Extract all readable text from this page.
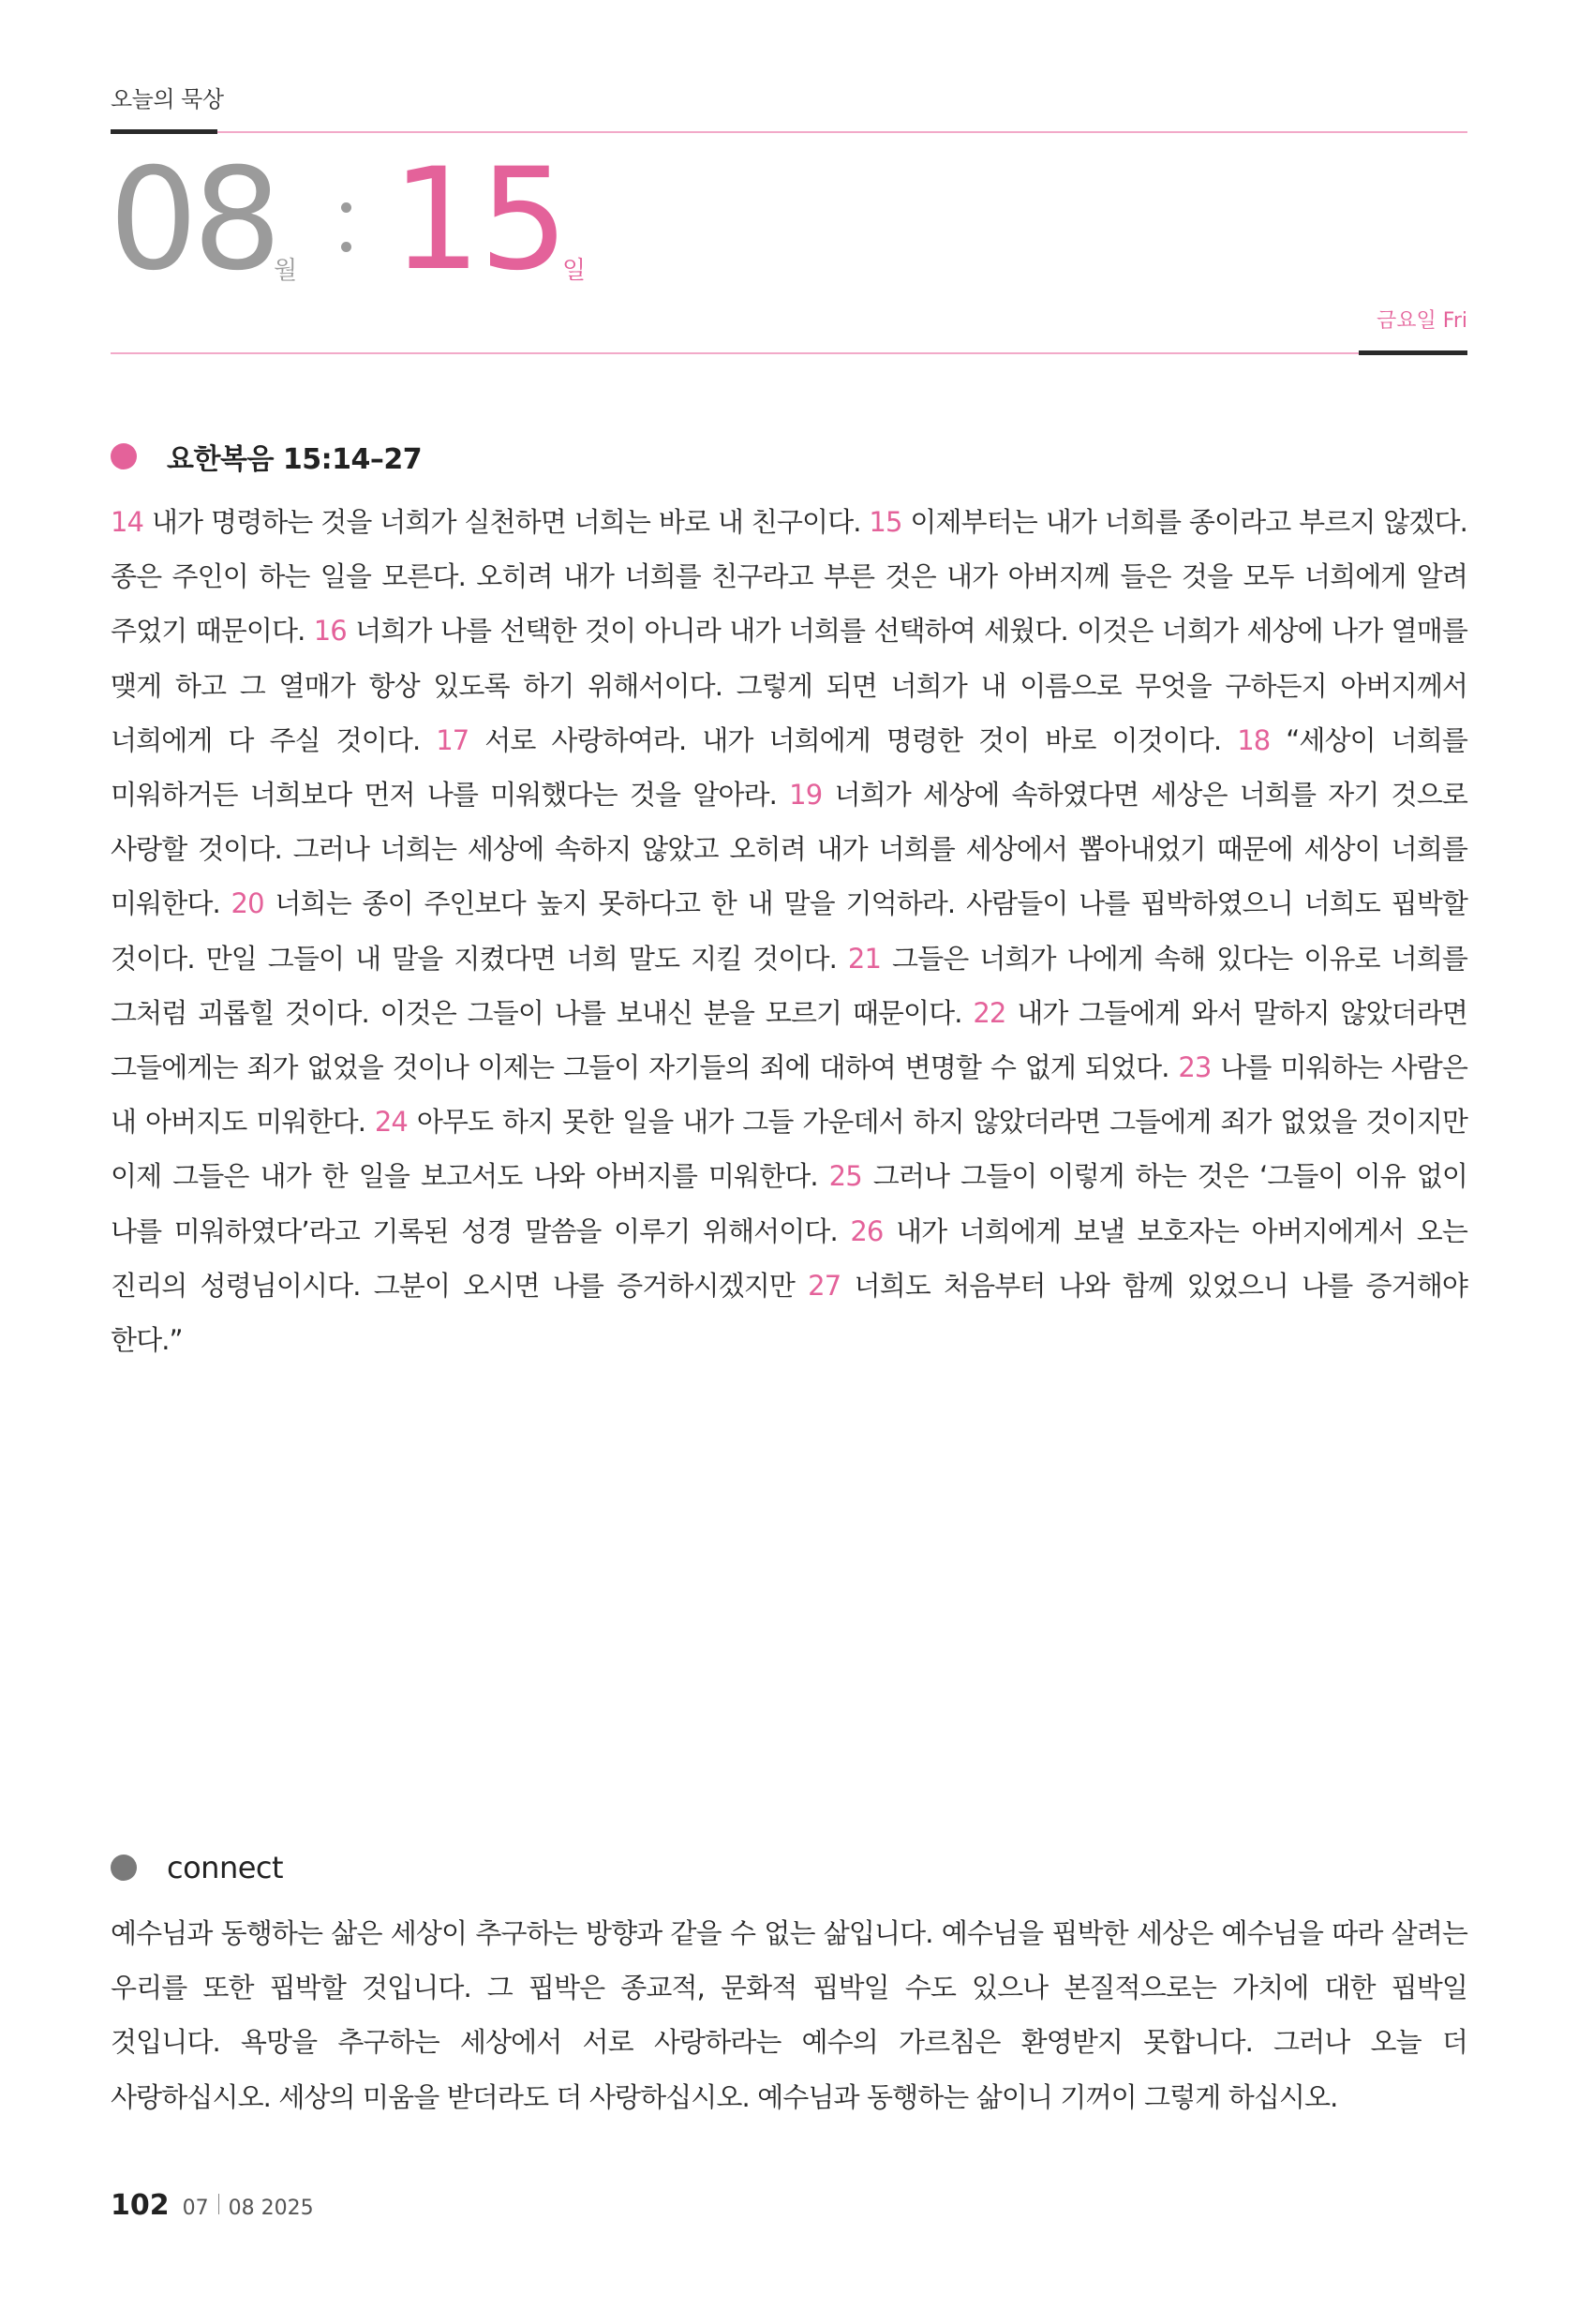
오늘의 묵상
08
월 15
일
금요일 Fri
요한복음 15:14–27
14 내가 명령하는 것을 너희가 실천하면 너희는 바로 내 친구이다. 15 이제부터는 내가 너희를 종이라고 부르지 않겠다. 종은 주인이 하는 일을 모른다. 오히려 내가 너희를 친구라고 부른 것은 내가 아버지께 들은 것을 모두 너희에게 알려 주었기 때문이다. 16 너희가 나를 선택한 것이 아니라 내가 너희를 선택하여 세웠다. 이것은 너희가 세상에 나가 열매를 맺게 하고 그 열매가 항상 있도록 하기 위해서이다. 그렇게 되면 너희가 내 이름으로 무엇을 구하든지 아버지께서 너희에게 다 주실 것이다. 17 서로 사랑하여라. 내가 너희에게 명령한 것이 바로 이것이다. 18 “세상이 너희를 미워하거든 너희보다 먼저 나를 미워했다는 것을 알아라. 19 너희가 세상에 속하였다면 세상은 너희를 자기 것으로 사랑할 것이다. 그러나 너희는 세상에 속하지 않았고 오히려 내가 너희를 세상에서 뽑아내었기 때문에 세상이 너희를 미워한다. 20 너희는 종이 주인보다 높지 못하다고 한 내 말을 기억하라. 사람들이 나를 핍박하였으니 너희도 핍박할 것이다. 만일 그들이 내 말을 지켰다면 너희 말도 지킬 것이다. 21 그들은 너희가 나에게 속해 있다는 이유로 너희를 그처럼 괴롭힐 것이다. 이것은 그들이 나를 보내신 분을 모르기 때문이다. 22 내가 그들에게 와서 말하지 않았더라면 그들에게는 죄가 없었을 것이나 이제는 그들이 자기들의 죄에 대하여 변명할 수 없게 되었다. 23 나를 미워하는 사람은 내 아버지도 미워한다. 24 아무도 하지 못한 일을 내가 그들 가운데서 하지 않았더라면 그들에게 죄가 없었을 것이지만 이제 그들은 내가 한 일을 보고서도 나와 아버지를 미워한다. 25 그러나 그들이 이렇게 하는 것은 ‘그들이 이유 없이 나를 미워하였다’라고 기록된 성경 말씀을 이루기 위해서이다. 26 내가 너희에게 보낼 보호자는 아버지에게서 오는 진리의 성령님이시다. 그분이 오시면 나를 증거하시겠지만 27 너희도 처음부터 나와 함께 있었으니 나를 증거해야 한다.”
connect
예수님과 동행하는 삶은 세상이 추구하는 방향과 같을 수 없는 삶입니다. 예수님을 핍박한 세상은 예수님을 따라 살려는 우리를 또한 핍박할 것입니다. 그 핍박은 종교적, 문화적 핍박일 수도 있으나 본질적으로는 가치에 대한 핍박일 것입니다. 욕망을 추구하는 세상에서 서로 사랑하라는 예수의 가르침은 환영받지 못합니다. 그러나 오늘 더 사랑하십시오. 세상의 미움을 받더라도 더 사랑하십시오. 예수님과 동행하는 삶이니 기꺼이 그렇게 하십시오.
102 07 08 2025
